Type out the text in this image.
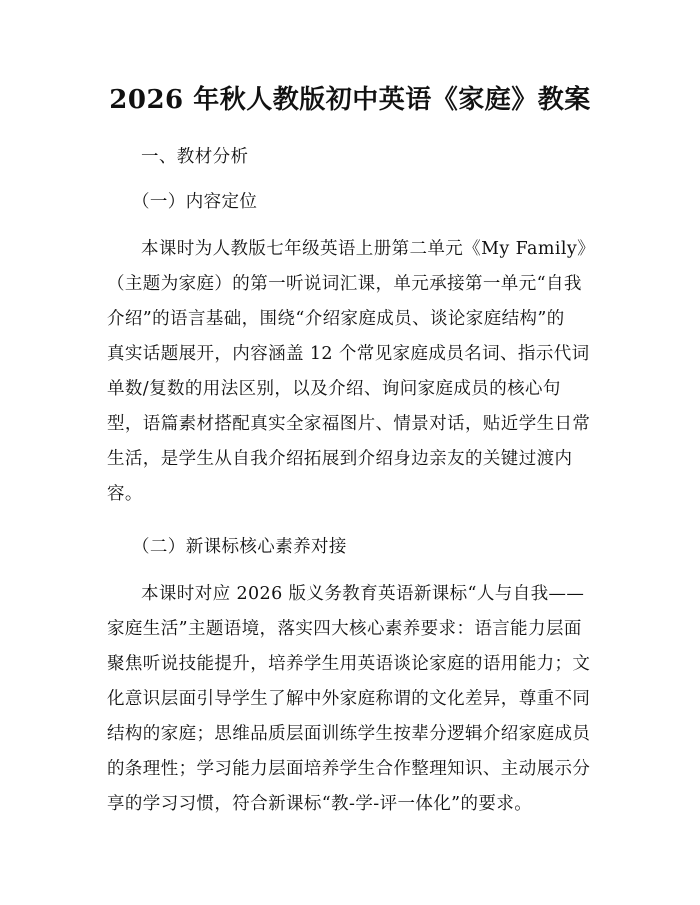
2026 年秋人教版初中英语《家庭》教案
一、教材分析
（一）内容定位
本课时为人教版七年级英语上册第二单元《My Family》
（主题为家庭）的第一听说词汇课，单元承接第一单元“自我
介绍”的语言基础，围绕“介绍家庭成员、谈论家庭结构”的
真实话题展开，内容涵盖 12 个常见家庭成员名词、指示代词
单数/复数的用法区别，以及介绍、询问家庭成员的核心句
型，语篇素材搭配真实全家福图片、情景对话，贴近学生日常
生活，是学生从自我介绍拓展到介绍身边亲友的关键过渡内
容。
（二）新课标核心素养对接
本课时对应 2026 版义务教育英语新课标“人与自我——
家庭生活”主题语境，落实四大核心素养要求：语言能力层面
聚焦听说技能提升，培养学生用英语谈论家庭的语用能力；文
化意识层面引导学生了解中外家庭称谓的文化差异，尊重不同
结构的家庭；思维品质层面训练学生按辈分逻辑介绍家庭成员
的条理性；学习能力层面培养学生合作整理知识、主动展示分
享的学习习惯，符合新课标“教-学-评一体化”的要求。
